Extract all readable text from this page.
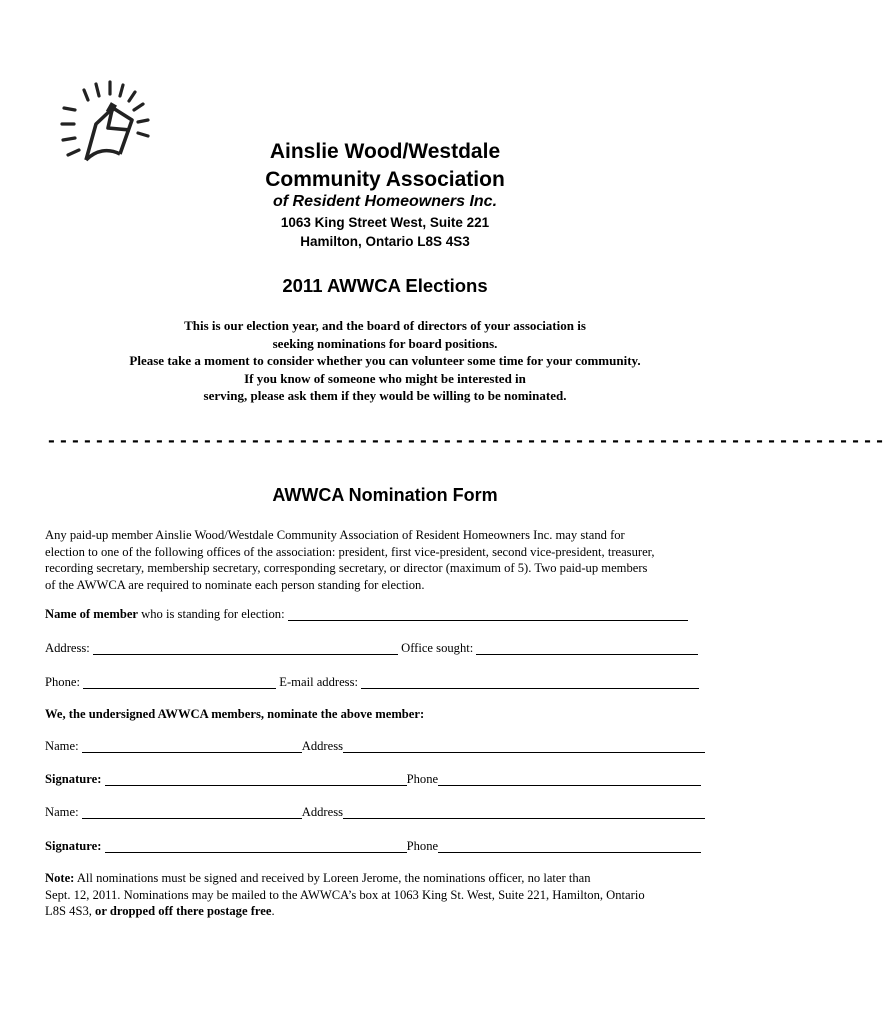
Ainslie Wood/Westdale
Community Association
of Resident Homeowners Inc.
1063 King Street West, Suite 221
Hamilton, Ontario L8S 4S3
2011 AWWCA Elections
This is our election year, and the board of directors of your association is
seeking nominations for board positions.
Please take a moment to consider whether you can volunteer some time for your community.
If you know of someone who might be interested in
serving, please ask them if they would be willing to be nominated.
----------------------------------------------------------------------
AWWCA Nomination Form
Any paid-up member Ainslie Wood/Westdale Community Association of Resident Homeowners Inc. may stand for
election to one of the following offices of the association: president, first vice-president, second vice-president, treasurer,
recording secretary, membership secretary, corresponding secretary, or director (maximum of 5). Two paid-up members
of the AWWCA are required to nominate each person standing for election.
Name of member who is standing for election:
Address:	Office sought:
Phone:	E-mail address:
We, the undersigned AWWCA members, nominate the above member:
Name:	Address
Signature:	Phone
Name:	Address
Signature:	Phone
Note: All nominations must be signed and received by Loreen Jerome, the nominations officer, no later than
Sept. 12, 2011. Nominations may be mailed to the AWWCA’s box at 1063 King St. West, Suite 221, Hamilton, Ontario
L8S 4S3, or dropped off there postage free.
